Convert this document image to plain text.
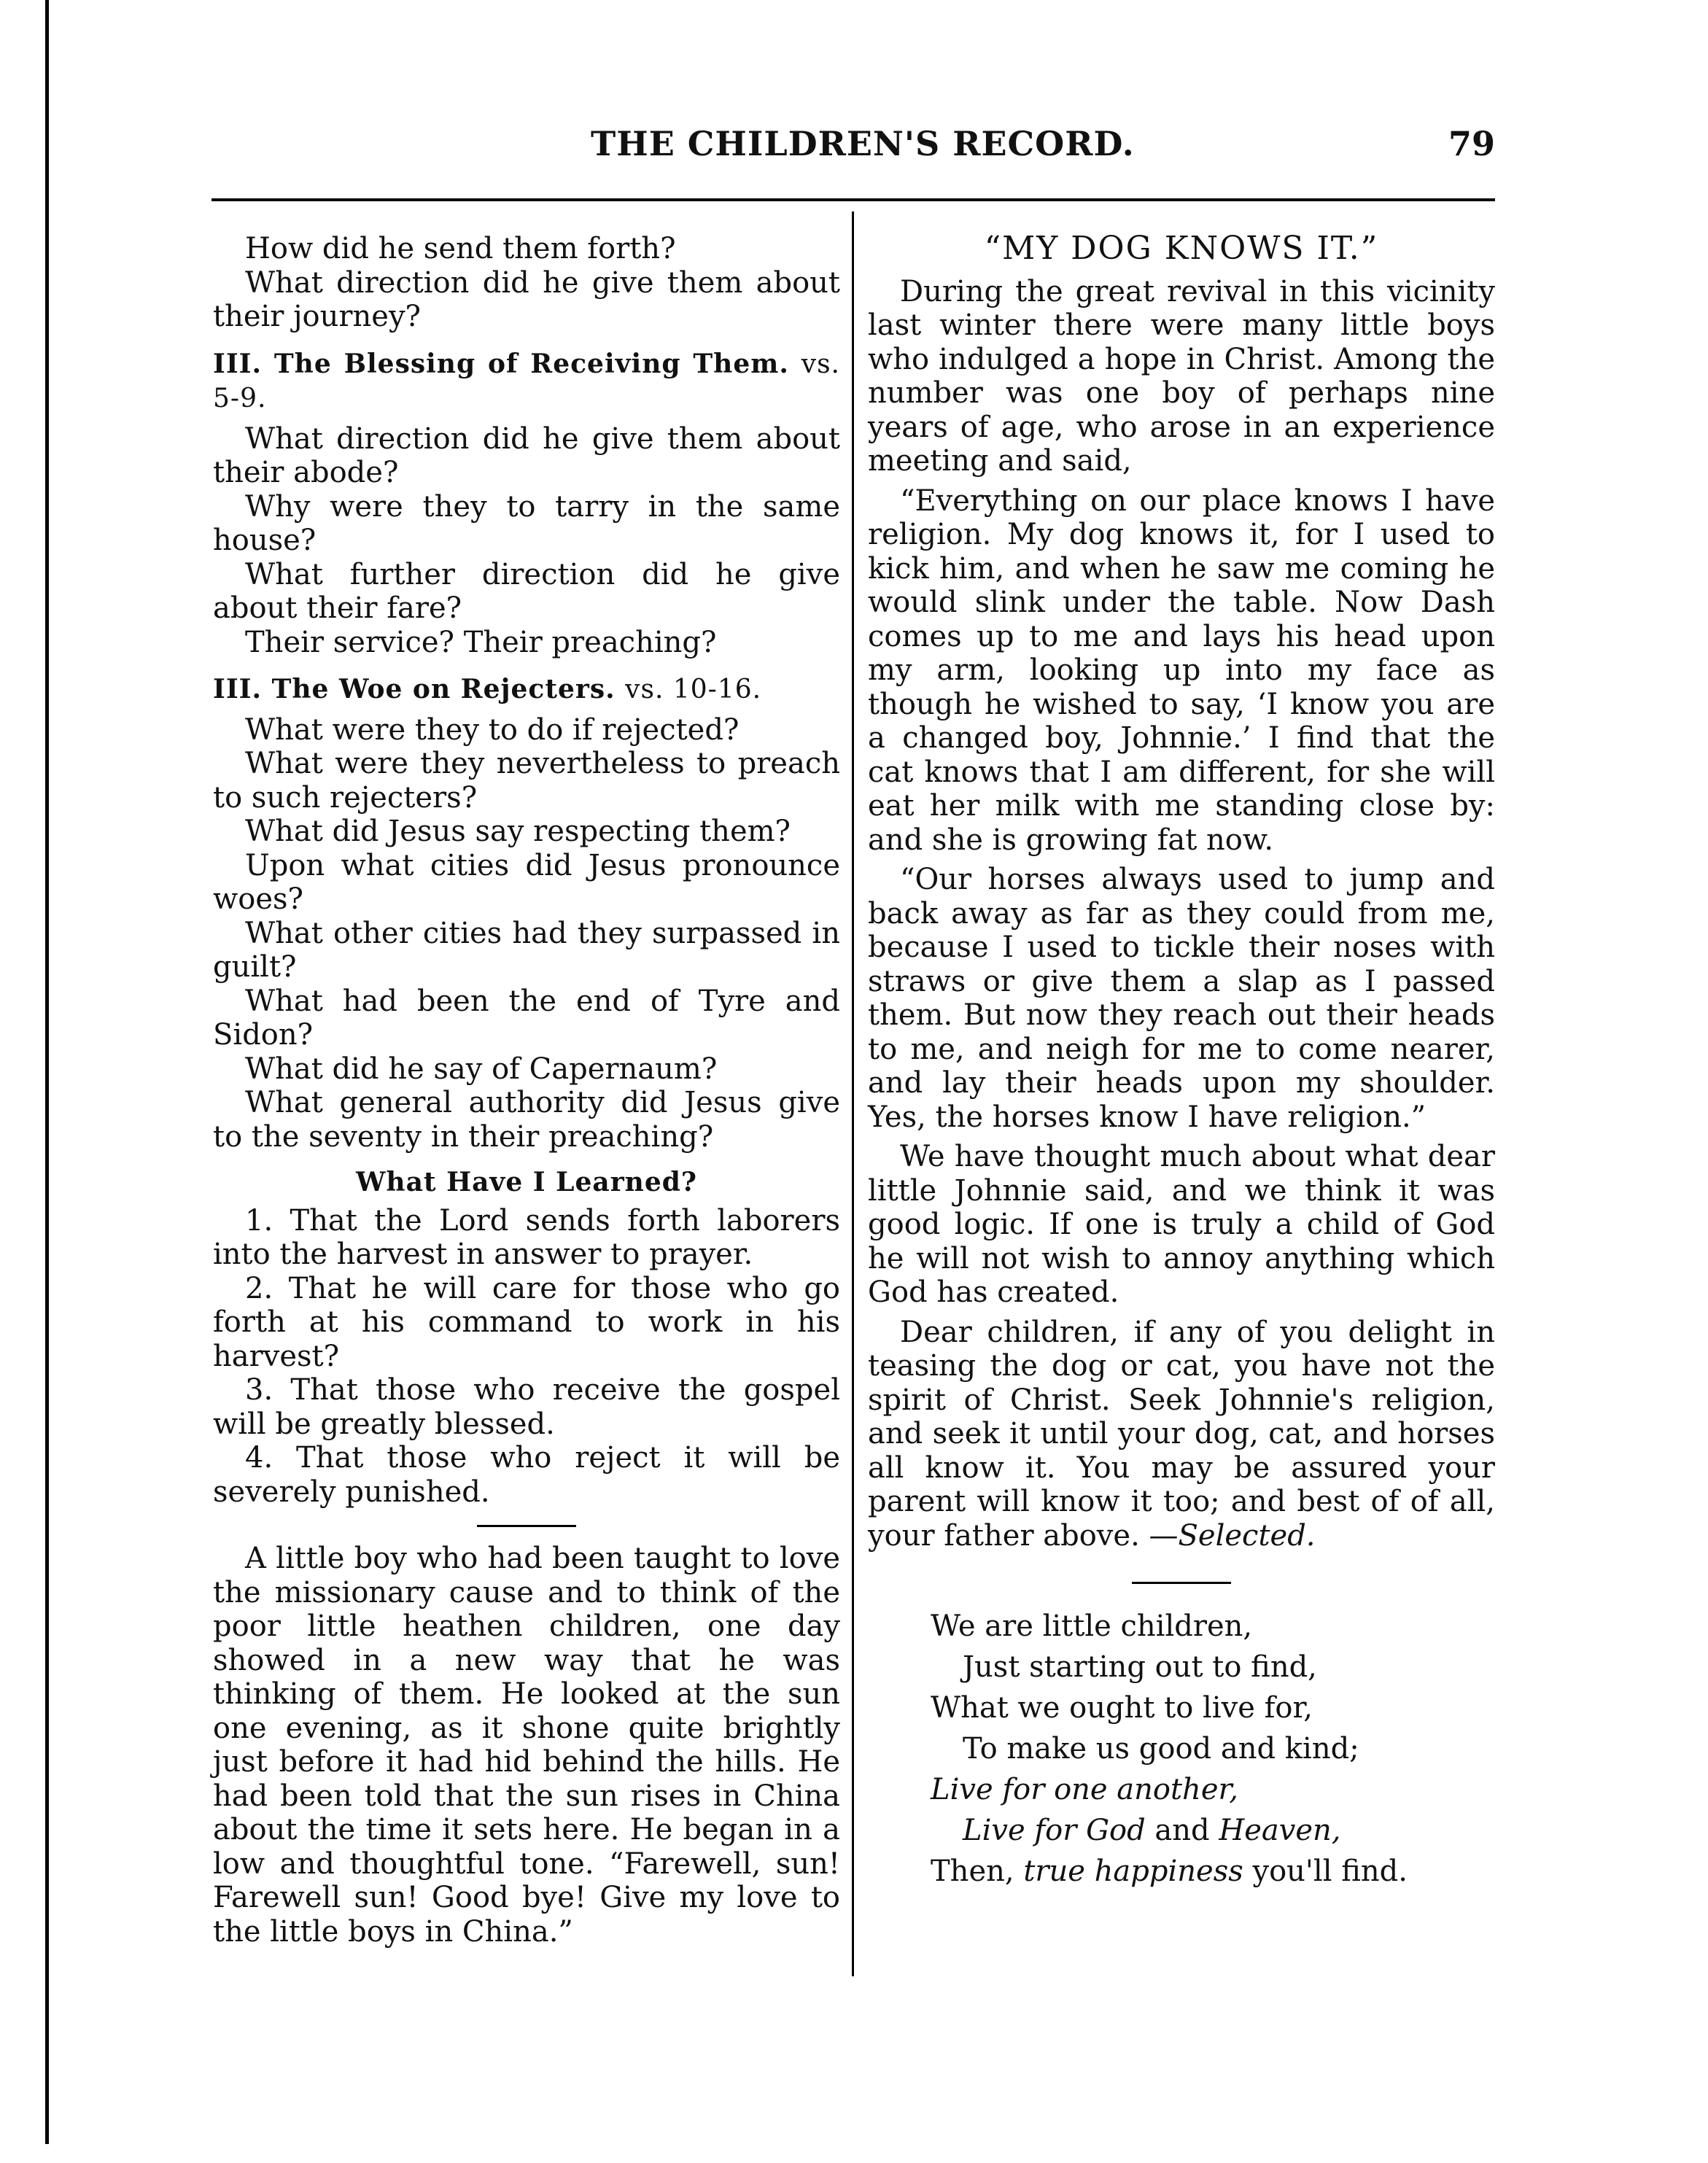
THE CHILDREN'S RECORD.	79

How did he send them forth?

What direction did he give them about their journey?

III. The Blessing of Receiving Them. vs. 5-9.

What direction did he give them about their abode?

Why were they to tarry in the same house?

What further direction did he give about their fare?

Their service? Their preaching?

III. The Woe on Rejecters. vs. 10-16.

What were they to do if rejected?

What were they nevertheless to preach to such rejecters?

What did Jesus say respecting them?

Upon what cities did Jesus pronounce woes?

What other cities had they surpassed in guilt?

What had been the end of Tyre and Sidon?

What did he say of Capernaum?

What general authority did Jesus give to the seventy in their preaching?

What Have I Learned?

1. That the Lord sends forth laborers into the harvest in answer to prayer.

2. That he will care for those who go forth at his command to work in his harvest?

3. That those who receive the gospel will be greatly blessed.

4. That those who reject it will be severely punished.

A little boy who had been taught to love the missionary cause and to think of the poor little heathen children, one day showed in a new way that he was thinking of them. He looked at the sun one evening, as it shone quite brightly just before it had hid behind the hills. He had been told that the sun rises in China about the time it sets here. He began in a low and thoughtful tone. “Farewell, sun! Farewell sun! Good bye! Give my love to the little boys in China.”

“MY DOG KNOWS IT.”

During the great revival in this vicinity last winter there were many little boys who indulged a hope in Christ. Among the number was one boy of perhaps nine years of age, who arose in an experience meeting and said,

“Everything on our place knows I have religion. My dog knows it, for I used to kick him, and when he saw me coming he would slink under the table. Now Dash comes up to me and lays his head upon my arm, looking up into my face as though he wished to say, ‘I know you are a changed boy, Johnnie.’ I find that the cat knows that I am different, for she will eat her milk with me standing close by: and she is growing fat now.

“Our horses always used to jump and back away as far as they could from me, because I used to tickle their noses with straws or give them a slap as I passed them. But now they reach out their heads to me, and neigh for me to come nearer, and lay their heads upon my shoulder. Yes, the horses know I have religion.”

We have thought much about what dear little Johnnie said, and we think it was good logic. If one is truly a child of God he will not wish to annoy anything which God has created.

Dear children, if any of you delight in teasing the dog or cat, you have not the spirit of Christ. Seek Johnnie's religion, and seek it until your dog, cat, and horses all know it. You may be assured your parent will know it too; and best of of all, your father above. —Selected.

We are little children,
Just starting out to find,
What we ought to live for,
To make us good and kind;
Live for one another,
Live for God and Heaven,
Then, true happiness you'll find.
